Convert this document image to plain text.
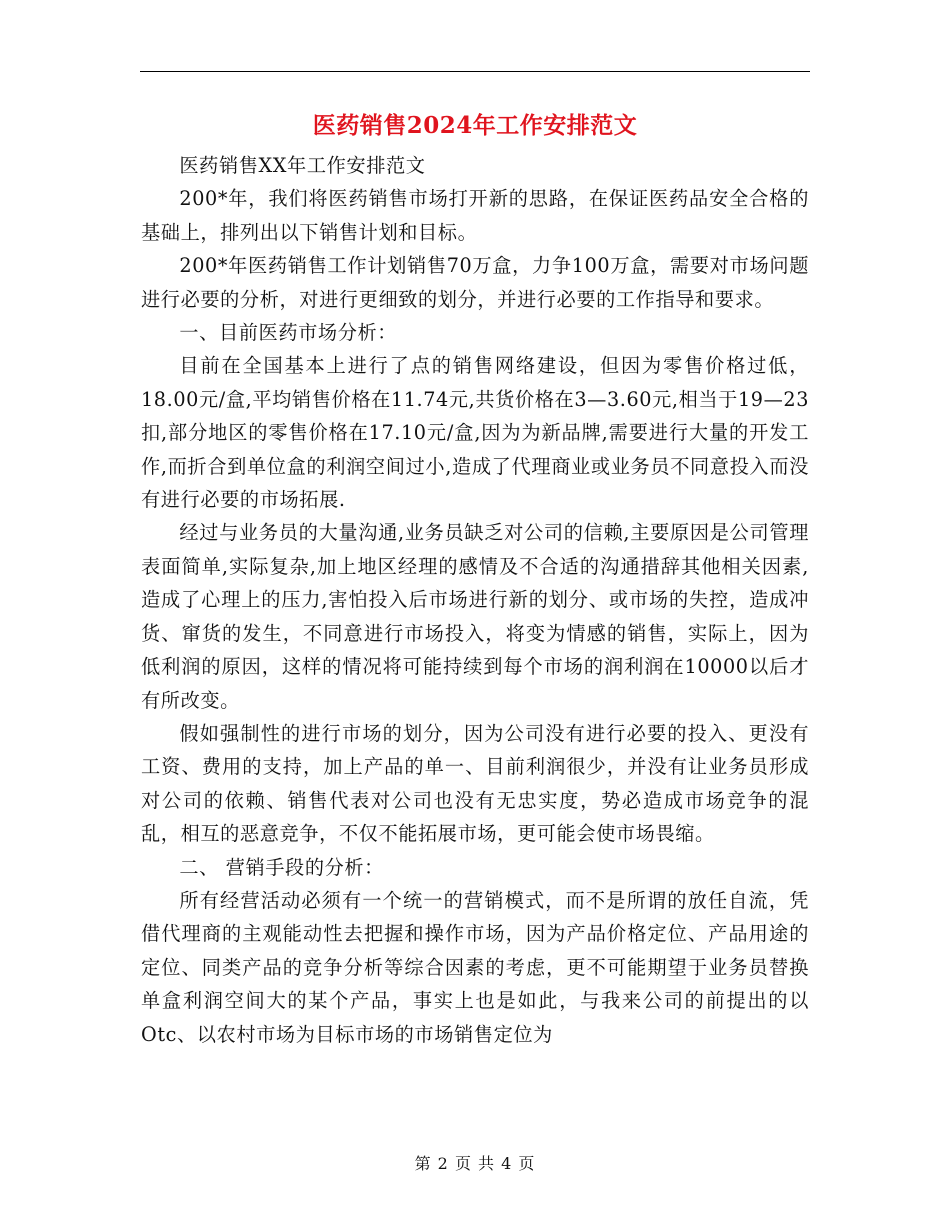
医药销售2024年工作安排范文

医药销售XX年工作安排范文

200*年，我们将医药销售市场打开新的思路，在保证医药品安全合格的基础上，排列出以下销售计划和目标。

200*年医药销售工作计划销售70万盒，力争100万盒，需要对市场问题进行必要的分析，对进行更细致的划分，并进行必要的工作指导和要求。

一、目前医药市场分析：

目前在全国基本上进行了点的销售网络建设，但因为零售价格过低，18.00元/盒,平均销售价格在11.74元,共货价格在3—3.60元,相当于19—23扣,部分地区的零售价格在17.10元/盒,因为为新品牌,需要进行大量的开发工作,而折合到单位盒的利润空间过小,造成了代理商业或业务员不同意投入而没有进行必要的市场拓展.

经过与业务员的大量沟通,业务员缺乏对公司的信赖,主要原因是公司管理表面简单,实际复杂,加上地区经理的感情及不合适的沟通措辞其他相关因素,造成了心理上的压力,害怕投入后市场进行新的划分、或市场的失控，造成冲货、窜货的发生，不同意进行市场投入，将变为情感的销售，实际上，因为低利润的原因，这样的情况将可能持续到每个市场的润利润在10000以后才有所改变。

假如强制性的进行市场的划分，因为公司没有进行必要的投入、更没有工资、费用的支持，加上产品的单一、目前利润很少，并没有让业务员形成对公司的依赖、销售代表对公司也没有无忠实度，势必造成市场竞争的混乱，相互的恶意竞争，不仅不能拓展市场，更可能会使市场畏缩。

二、 营销手段的分析：

所有经营活动必须有一个统一的营销模式，而不是所谓的放任自流，凭借代理商的主观能动性去把握和操作市场，因为产品价格定位、产品用途的定位、同类产品的竞争分析等综合因素的考虑，更不可能期望于业务员替换单盒利润空间大的某个产品，事实上也是如此，与我来公司的前提出的以Otc、以农村市场为目标市场的市场销售定位为

第 2 页 共 4 页
